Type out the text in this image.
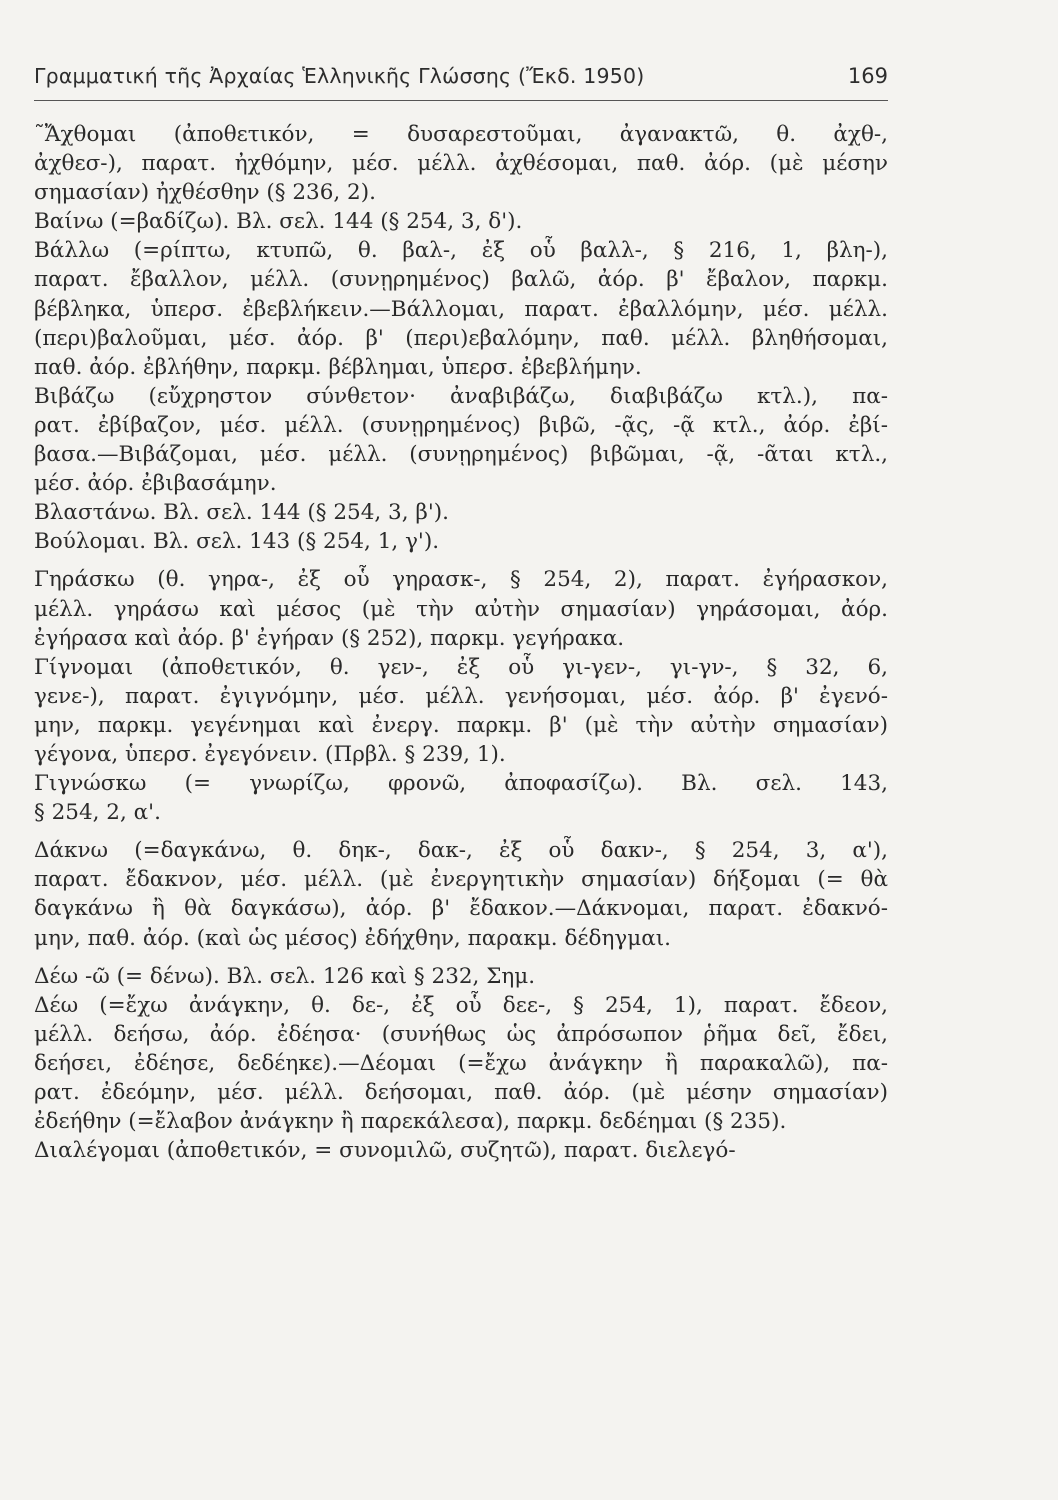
Γραμματική τῆς Ἀρχαίας Ἑλληνικῆς Γλώσσης (Ἔκδ. 1950)	169
˜Ἄχθομαι (ἀποθετικόν, = δυσαρεστοῦμαι, ἀγανακτῶ, θ. ἀχθ-,
ἀχθεσ-), παρατ. ἠχθόμην, μέσ. μέλλ. ἀχθέσομαι, παθ. ἀόρ. (μὲ μέσην
σημασίαν) ἠχθέσθην (§ 236, 2).
Βαίνω (=βαδίζω). Βλ. σελ. 144 (§ 254, 3, δ').
Βάλλω (=ρίπτω, κτυπῶ, θ. βαλ-, ἐξ οὗ βαλλ-, § 216, 1, βλη-),
παρατ. ἔβαλλον, μέλλ. (συνῃρημένος) βαλῶ, ἀόρ. β' ἔβαλον, παρκμ.
βέβληκα, ὑπερσ. ἐβεβλήκειν.—Βάλλομαι, παρατ. ἐβαλλόμην, μέσ. μέλλ.
(περι)βαλοῦμαι, μέσ. ἀόρ. β' (περι)εβαλόμην, παθ. μέλλ. βληθήσομαι,
παθ. ἀόρ. ἐβλήθην, παρκμ. βέβλημαι, ὑπερσ. ἐβεβλήμην.
Βιβάζω (εὔχρηστον σύνθετον· ἀναβιβάζω, διαβιβάζω κτλ.), πα-
ρατ. ἐβίβαζον, μέσ. μέλλ. (συνῃρημένος) βιβῶ, -ᾷς, -ᾷ κτλ., ἀόρ. ἐβί-
βασα.—Βιβάζομαι, μέσ. μέλλ. (συνῃρημένος) βιβῶμαι, -ᾷ, -ᾶται κτλ.,
μέσ. ἀόρ. ἐβιβασάμην.
Βλαστάνω. Βλ. σελ. 144 (§ 254, 3, β').
Βούλομαι. Βλ. σελ. 143 (§ 254, 1, γ').
Γηράσκω (θ. γηρα-, ἐξ οὗ γηρασκ-, § 254, 2), παρατ. ἐγήρασκον,
μέλλ. γηράσω καὶ μέσος (μὲ τὴν αὐτὴν σημασίαν) γηράσομαι, ἀόρ.
ἐγήρασα καὶ ἀόρ. β' ἐγήραν (§ 252), παρκμ. γεγήρακα.
Γίγνομαι (ἀποθετικόν, θ. γεν-, ἐξ οὗ γι-γεν-, γι-γν-, § 32, 6,
γενε-), παρατ. ἐγιγνόμην, μέσ. μέλλ. γενήσομαι, μέσ. ἀόρ. β' ἐγενό-
μην, παρκμ. γεγένημαι καὶ ἐνεργ. παρκμ. β' (μὲ τὴν αὐτὴν σημασίαν)
γέγονα, ὑπερσ. ἐγεγόνειν. (Πρβλ. § 239, 1).
Γιγνώσκω (= γνωρίζω, φρονῶ, ἀποφασίζω). Βλ. σελ. 143,
§ 254, 2, α'.
Δάκνω (=δαγκάνω, θ. δηκ-, δακ-, ἐξ οὗ δακν-, § 254, 3, α'),
παρατ. ἔδακνον, μέσ. μέλλ. (μὲ ἐνεργητικὴν σημασίαν) δήξομαι (= θὰ
δαγκάνω ἢ θὰ δαγκάσω), ἀόρ. β' ἔδακον.—Δάκνομαι, παρατ. ἐδακνό-
μην, παθ. ἀόρ. (καὶ ὡς μέσος) ἐδήχθην, παρακμ. δέδηγμαι.
Δέω -ῶ (= δένω). Βλ. σελ. 126 καὶ § 232, Σημ.
Δέω (=ἔχω ἀνάγκην, θ. δε-, ἐξ οὗ δεε-, § 254, 1), παρατ. ἔδεον,
μέλλ. δεήσω, ἀόρ. ἐδέησα· (συνήθως ὡς ἀπρόσωπον ῥῆμα δεῖ, ἔδει,
δεήσει, ἐδέησε, δεδέηκε).—Δέομαι (=ἔχω ἀνάγκην ἢ παρακαλῶ), πα-
ρατ. ἐδεόμην, μέσ. μέλλ. δεήσομαι, παθ. ἀόρ. (μὲ μέσην σημασίαν)
ἐδεήθην (=ἔλαβον ἀνάγκην ἢ παρεκάλεσα), παρκμ. δεδέημαι (§ 235).
Διαλέγομαι (ἀποθετικόν, = συνομιλῶ, συζητῶ), παρατ. διελεγό-
